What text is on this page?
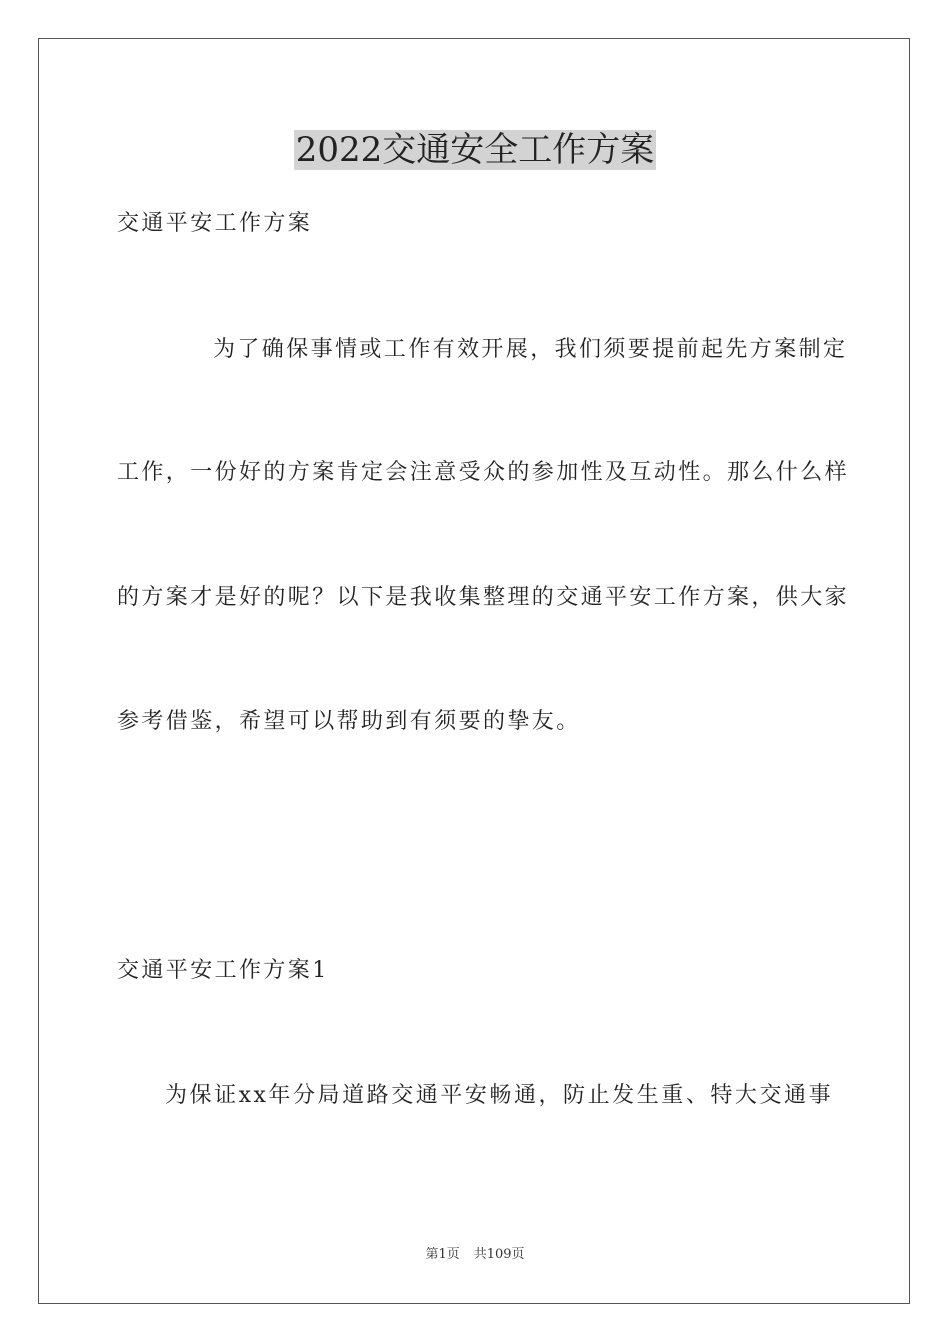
2022交通安全工作方案

交通平安工作方案

为了确保事情或工作有效开展，我们须要提前起先方案制定

工作，一份好的方案肯定会注意受众的参加性及互动性。那么什么样

的方案才是好的呢？以下是我收集整理的交通平安工作方案，供大家

参考借鉴，希望可以帮助到有须要的挚友。

交通平安工作方案1

为保证xx年分局道路交通平安畅通，防止发生重、特大交通事

第1页 共109页
